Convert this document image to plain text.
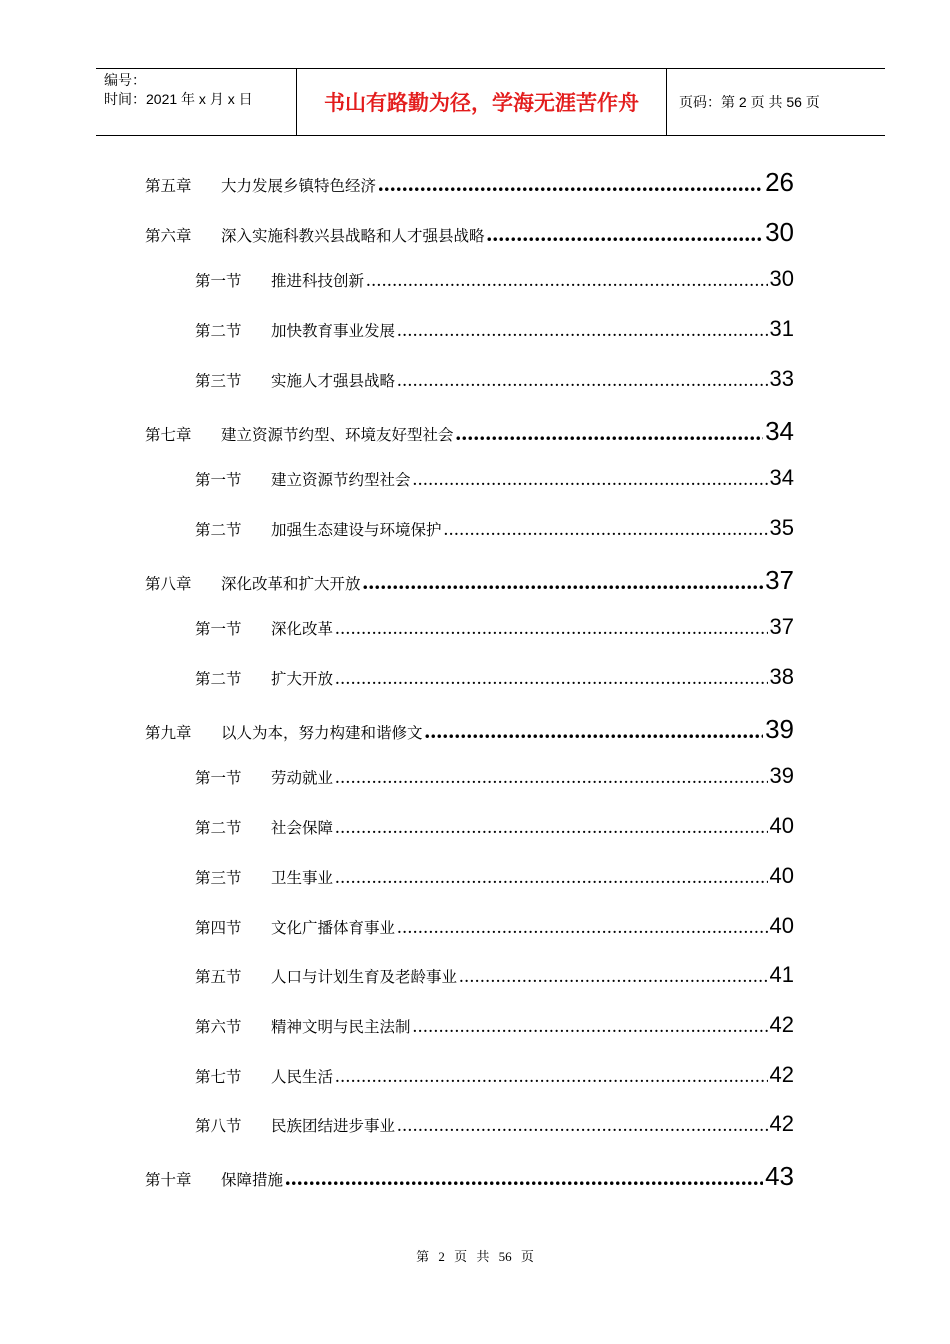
编号：
时间：2021 年 x 月 x 日	书山有路勤为径，学海无涯苦作舟	页码：第 2 页 共 56 页
第五章	大力发展乡镇特色经济 .....	26
第六章	深入实施科教兴县战略和人才强县战略 .....	30
第一节	推进科技创新 .....	30
第二节	加快教育事业发展 .....	31
第三节	实施人才强县战略 .....	33
第七章	建立资源节约型、环境友好型社会 .....	34
第一节	建立资源节约型社会 .....	34
第二节	加强生态建设与环境保护 .....	35
第八章	深化改革和扩大开放 .....	37
第一节	深化改革 .....	37
第二节	扩大开放 .....	38
第九章	以人为本，努力构建和谐修文 .....	39
第一节	劳动就业 .....	39
第二节	社会保障 .....	40
第三节	卫生事业 .....	40
第四节	文化广播体育事业 .....	40
第五节	人口与计划生育及老龄事业 .....	41
第六节	精神文明与民主法制 .....	42
第七节	人民生活 .....	42
第八节	民族团结进步事业 .....	42
第十章	保障措施 .....	43
第 2 页 共 56 页
